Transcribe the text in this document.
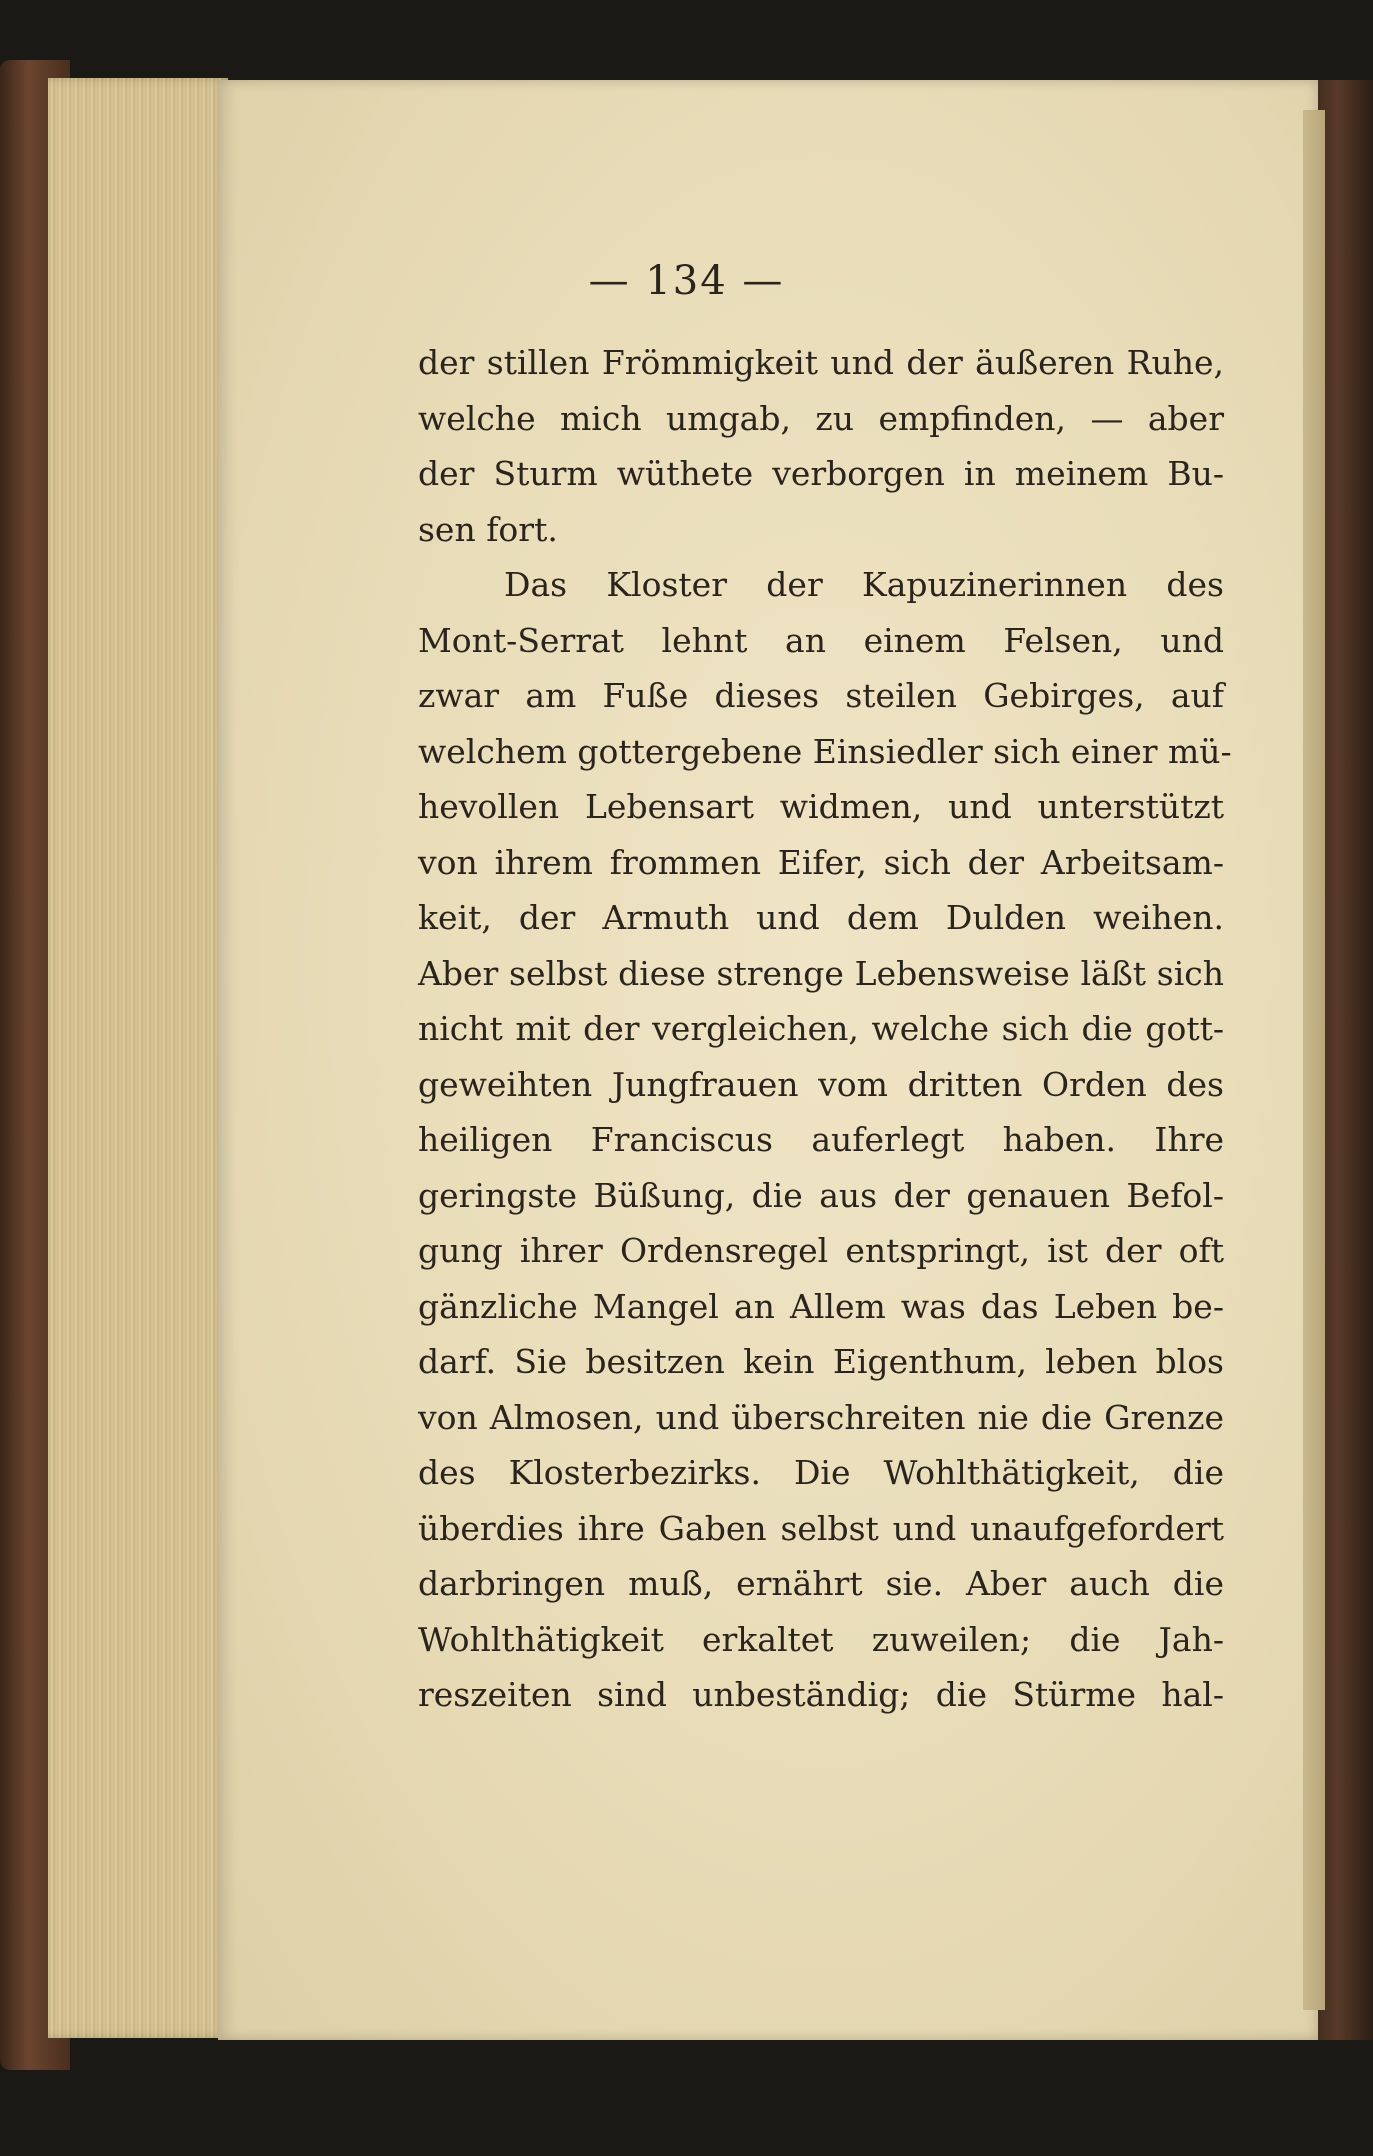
— 134 —
der stillen Frömmigkeit und der äußeren Ruhe,
welche mich umgab, zu empfinden, — aber
der Sturm wüthete verborgen in meinem Bu-
sen fort.
Das Kloster der Kapuzinerinnen des
Mont-Serrat lehnt an einem Felsen, und
zwar am Fuße dieses steilen Gebirges, auf
welchem gottergebene Einsiedler sich einer mü-
hevollen Lebensart widmen, und unterstützt
von ihrem frommen Eifer, sich der Arbeitsam-
keit, der Armuth und dem Dulden weihen.
Aber selbst diese strenge Lebensweise läßt sich
nicht mit der vergleichen, welche sich die gott-
geweihten Jungfrauen vom dritten Orden des
heiligen Franciscus auferlegt haben. Ihre
geringste Büßung, die aus der genauen Befol-
gung ihrer Ordensregel entspringt, ist der oft
gänzliche Mangel an Allem was das Leben be-
darf. Sie besitzen kein Eigenthum, leben blos
von Almosen, und überschreiten nie die Grenze
des Klosterbezirks. Die Wohlthätigkeit, die
überdies ihre Gaben selbst und unaufgefordert
darbringen muß, ernährt sie. Aber auch die
Wohlthätigkeit erkaltet zuweilen; die Jah-
reszeiten sind unbeständig; die Stürme hal-
